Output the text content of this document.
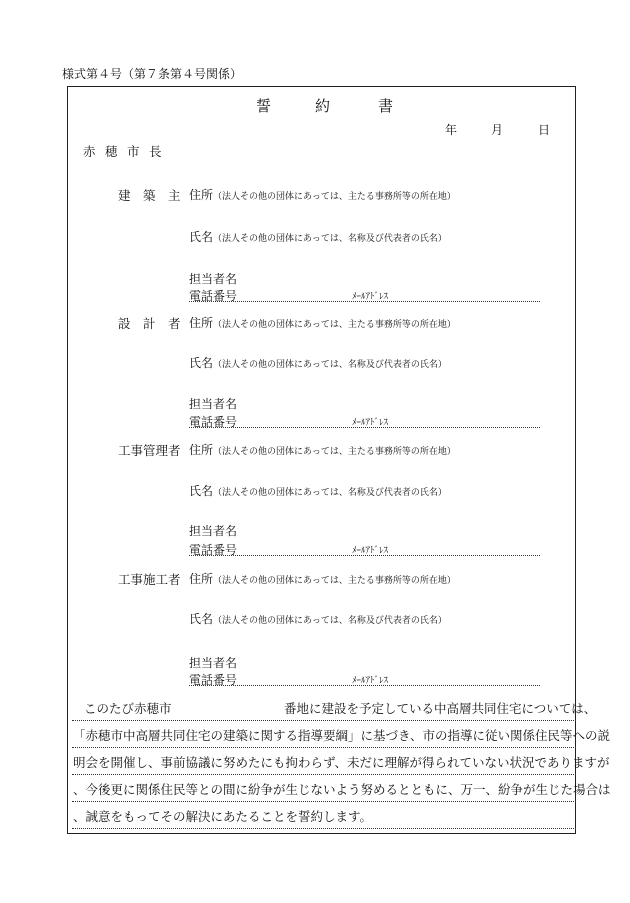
様式第４号（第７条第４号関係）
誓	約	書
年	月	日
赤 穂 市 長
建　築　主 住所（法人その他の団体にあっては、主たる事務所等の所在地）
氏名（法人その他の団体にあっては、名称及び代表者の氏名）
担当者名
電話番号	ﾒｰﾙｱﾄﾞﾚｽ
設　計　者 住所（法人その他の団体にあっては、主たる事務所等の所在地）
氏名（法人その他の団体にあっては、名称及び代表者の氏名）
担当者名
電話番号	ﾒｰﾙｱﾄﾞﾚｽ
工事管理者 住所（法人その他の団体にあっては、主たる事務所等の所在地）
氏名（法人その他の団体にあっては、名称及び代表者の氏名）
担当者名
電話番号	ﾒｰﾙｱﾄﾞﾚｽ
工事施工者 住所（法人その他の団体にあっては、主たる事務所等の所在地）
氏名（法人その他の団体にあっては、名称及び代表者の氏名）
担当者名
電話番号	ﾒｰﾙｱﾄﾞﾚｽ
このたび赤穂市	番地に建設を予定している中高層共同住宅については、
「赤穂市中高層共同住宅の建築に関する指導要綱」に基づき、市の指導に従い関係住民等への説
明会を開催し、事前協議に努めたにも拘わらず、未だに理解が得られていない状況でありますが
、今後更に関係住民等との間に紛争が生じないよう努めるとともに、万一、紛争が生じた場合は
、誠意をもってその解決にあたることを誓約します。
